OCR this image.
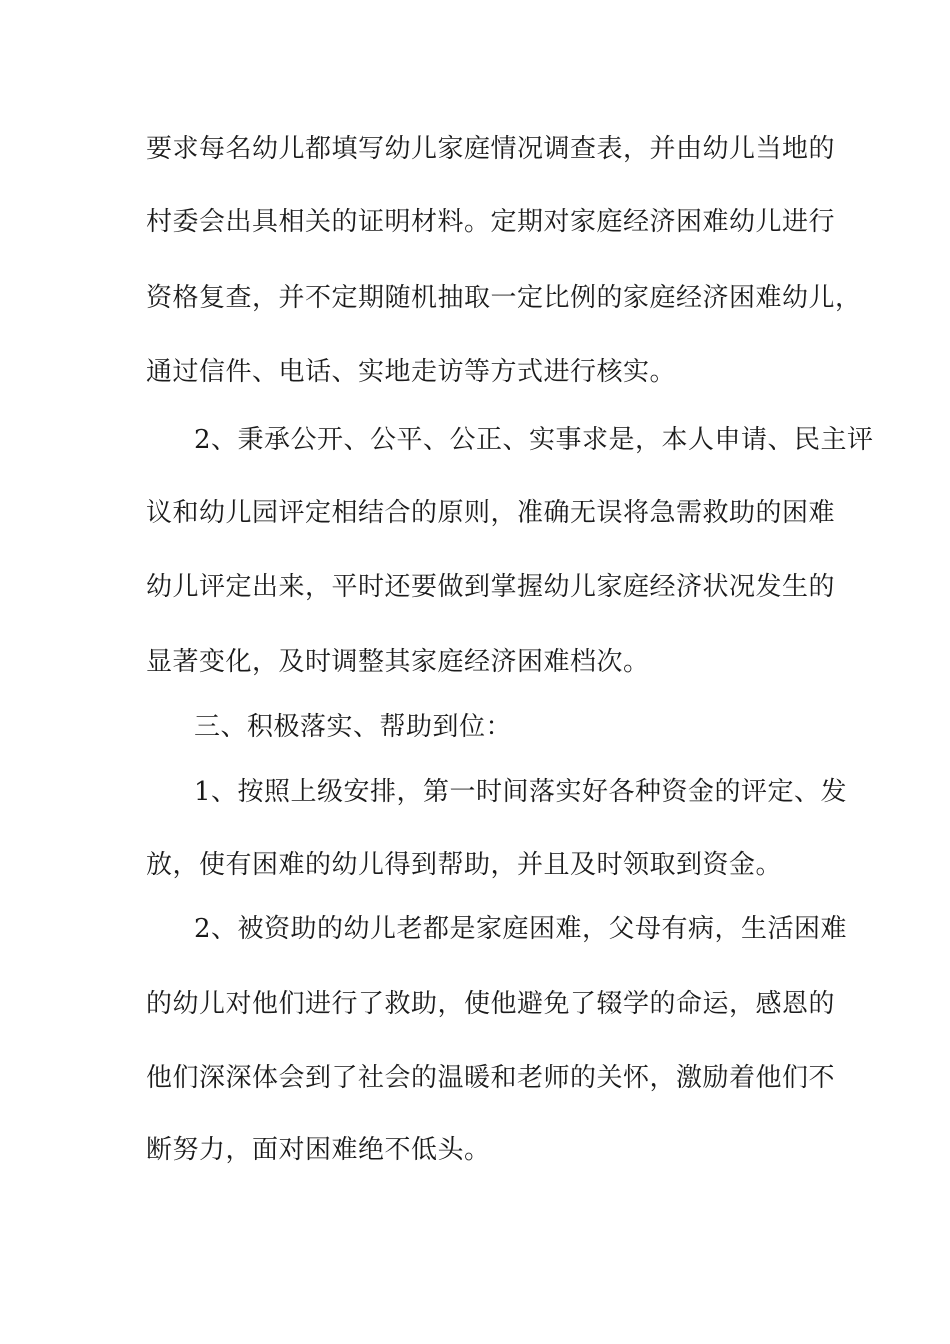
要求每名幼儿都填写幼儿家庭情况调查表，并由幼儿当地的
村委会出具相关的证明材料。定期对家庭经济困难幼儿进行
资格复查，并不定期随机抽取一定比例的家庭经济困难幼儿，
通过信件、电话、实地走访等方式进行核实。
2、秉承公开、公平、公正、实事求是，本人申请、民主评
议和幼儿园评定相结合的原则，准确无误将急需救助的困难
幼儿评定出来，平时还要做到掌握幼儿家庭经济状况发生的
显著变化，及时调整其家庭经济困难档次。
三、积极落实、帮助到位：
1、按照上级安排，第一时间落实好各种资金的评定、发
放，使有困难的幼儿得到帮助，并且及时领取到资金。
2、被资助的幼儿老都是家庭困难，父母有病，生活困难
的幼儿对他们进行了救助，使他避免了辍学的命运，感恩的
他们深深体会到了社会的温暖和老师的关怀，激励着他们不
断努力，面对困难绝不低头。
